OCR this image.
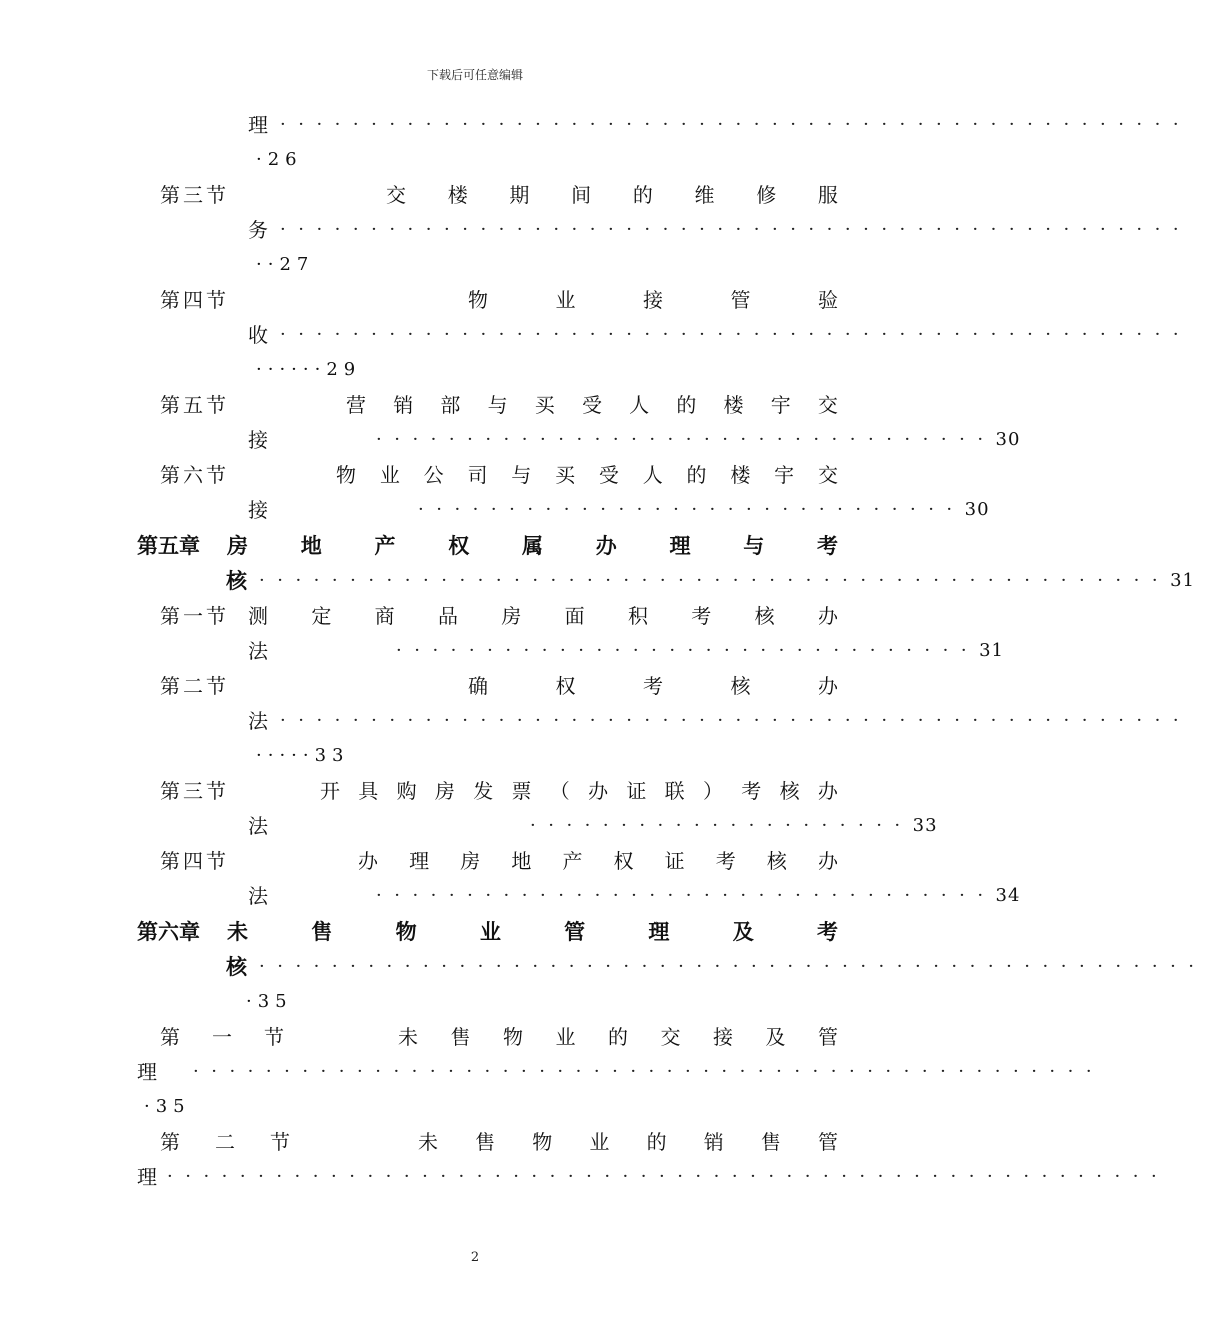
下载后可任意编辑
理 ··················································
·26
第三节	交 楼 期 间 的 维 修 服
务 ··················································
··27
第四节	物	业	接	管	验
收 ··················································
······29
第五节	营 销 部 与 买 受 人 的 楼 宇 交
接	·································· 30
第六节	物 业 公 司 与 买 受 人 的 楼 宇 交
接	······························ 30
第五章	房	地	产	权	属	办	理	与	考
核 ·················································· 31
第一节 测 定 商 品 房 面 积 考 核 办
法	································ 31
第二节	确	权	考	核	办
法 ··················································
·····33
第三节	开 具 购 房 发 票 （ 办 证 联 ） 考 核 办
法	····················· 33
第四节	办 理 房 地 产 权 证 考 核 办
法	·································· 34
第六章	未	售	物	业	管	理	及	考
核 ····················································
·35
第 一 节	未 售 物 业 的 交 接 及 管
理 ··················································
·35
第 二 节	未 售 物 业 的 销 售 管
理 ·······················································
2
